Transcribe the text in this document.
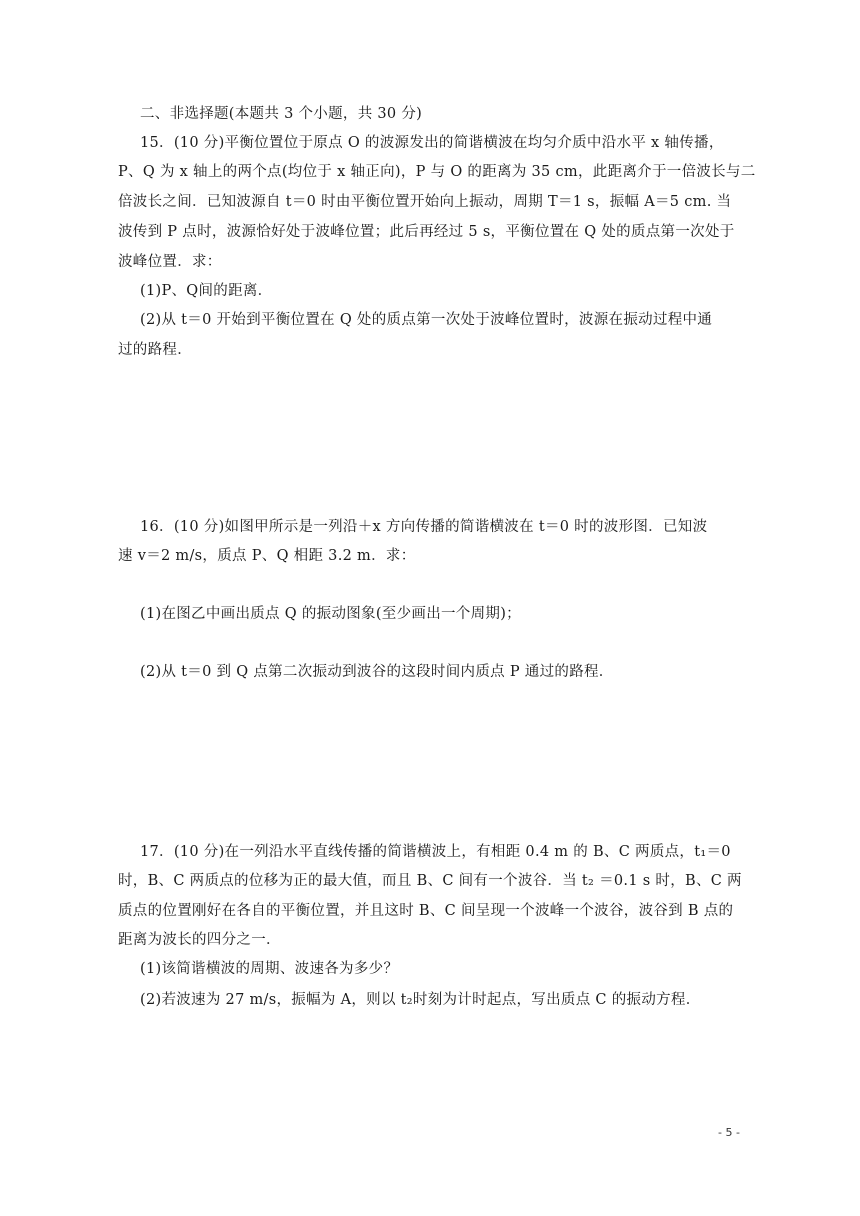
二、非选择题(本题共 3 个小题，共 30 分)
15．(10 分)平衡位置位于原点 O 的波源发出的简谐横波在均匀介质中沿水平 x 轴传播，
P、Q 为 x 轴上的两个点(均位于 x 轴正向)，P 与 O 的距离为 35 cm，此距离介于一倍波长与二
倍波长之间．已知波源自 t＝0 时由平衡位置开始向上振动，周期 T＝1 s，振幅 A＝5 cm. 当
波传到 P 点时，波源恰好处于波峰位置；此后再经过 5 s，平衡位置在 Q 处的质点第一次处于
波峰位置．求：
(1)P、Q间的距离．
(2)从 t＝0 开始到平衡位置在 Q 处的质点第一次处于波峰位置时，波源在振动过程中通
过的路程．
16．(10 分)如图甲所示是一列沿＋x 方向传播的简谐横波在 t＝0 时的波形图．已知波
速 v＝2 m/s，质点 P、Q 相距 3.2 m．求：
(1)在图乙中画出质点 Q 的振动图象(至少画出一个周期)；
(2)从 t＝0 到 Q 点第二次振动到波谷的这段时间内质点 P 通过的路程．
17．(10 分)在一列沿水平直线传播的简谐横波上，有相距 0.4 m 的 B、C 两质点，t₁＝0
时，B、C 两质点的位移为正的最大值，而且 B、C 间有一个波谷．当 t₂ ＝0.1 s 时，B、C 两
质点的位置刚好在各自的平衡位置，并且这时 B、C 间呈现一个波峰一个波谷，波谷到 B 点的
距离为波长的四分之一．
(1)该简谐横波的周期、波速各为多少？
(2)若波速为 27 m/s，振幅为 A，则以 t₂时刻为计时起点，写出质点 C 的振动方程．
- 5 -
